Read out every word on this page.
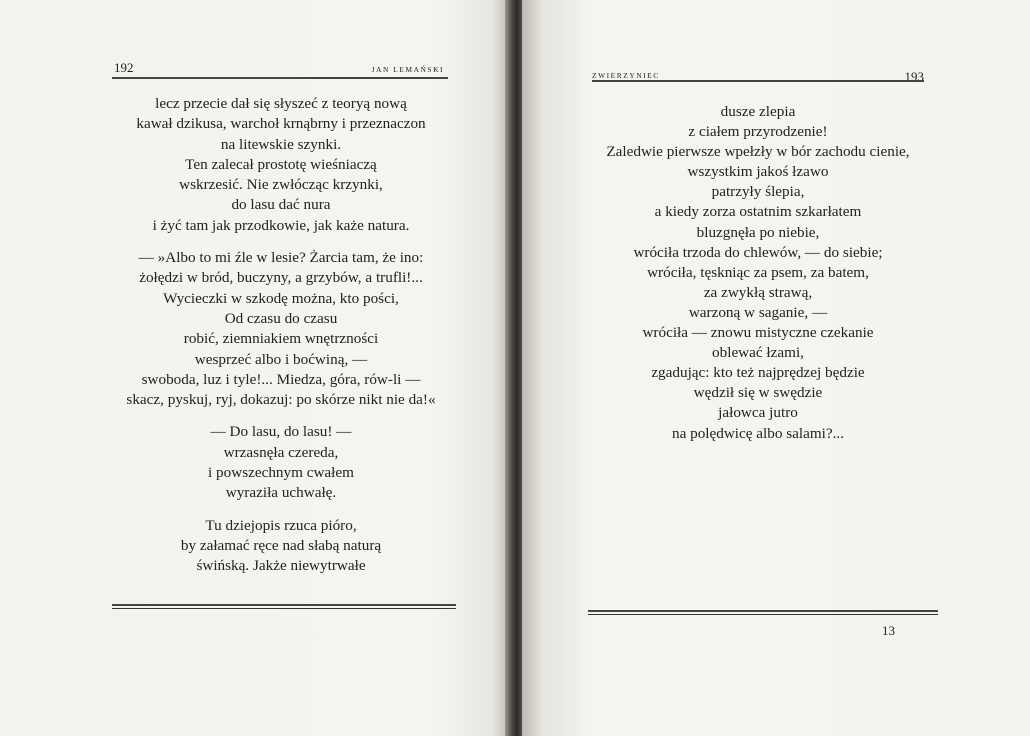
192	JAN LEMAŃSKI
lecz przecie dał się słyszeć z teoryą nową
kawał dzikusa, warchoł krnąbrny i przeznaczon
na litewskie szynki.
Ten zalecał prostotę wieśniaczą
wskrzesić. Nie zwłócząc krzynki,
do lasu dać nura
i żyć tam jak przodkowie, jak każe natura.
— »Albo to mi źle w lesie? Żarcia tam, że ino:
żołędzi w bród, buczyny, a grzybów, a trufli!...
Wycieczki w szkodę można, kto pości,
Od czasu do czasu
robić, ziemniakiem wnętrzności
wesprzeć albo i boćwiną, —
swoboda, luz i tyle!... Miedza, góra, rów-li —
skacz, pyskuj, ryj, dokazuj: po skórze nikt nie da!«
— Do lasu, do lasu! —
wrzasnęła czereda,
i powszechnym cwałem
wyraziła uchwałę.
Tu dziejopis rzuca pióro,
by załamać ręce nad słabą naturą
świńską. Jakże niewytrwałe
ZWIERZYNIEC	193
dusze zlepia
z ciałem przyrodzenie!
Zaledwie pierwsze wpełzły w bór zachodu cienie,
wszystkim jakoś łzawo
patrzyły ślepia,
a kiedy zorza ostatnim szkarłatem
bluzgnęła po niebie,
wróciła trzoda do chlewów, — do siebie;
wróciła, tęskniąc za psem, za batem,
za zwykłą strawą,
warzoną w saganie, —
wróciła — znowu mistyczne czekanie
oblewać łzami,
zgadując: kto też najprędzej będzie
wędził się w swędzie
jałowca jutro
na polędwicę albo salami?...
13
